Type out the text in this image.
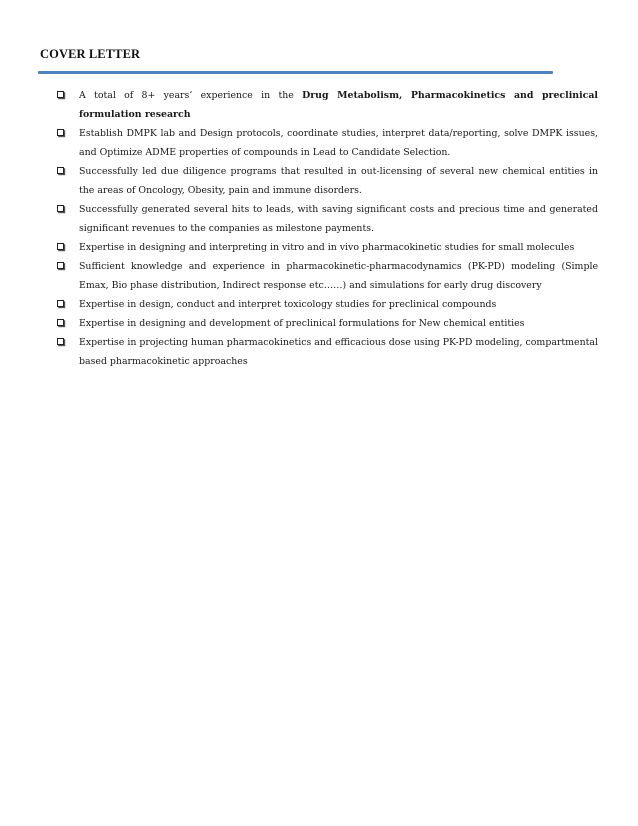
COVER LETTER
A total of 8+ years’ experience in the Drug Metabolism, Pharmacokinetics and preclinical formulation research
Establish DMPK lab and Design protocols, coordinate studies, interpret data/reporting, solve DMPK issues, and Optimize ADME properties of compounds in Lead to Candidate Selection.
Successfully led due diligence programs that resulted in out-licensing of several new chemical entities in the areas of Oncology, Obesity, pain and immune disorders.
Successfully generated several hits to leads, with saving significant costs and precious time and generated significant revenues to the companies as milestone payments.
Expertise in designing and interpreting in vitro and in vivo pharmacokinetic studies for small molecules
Sufficient knowledge and experience in pharmacokinetic-pharmacodynamics (PK-PD) modeling (Simple Emax, Bio phase distribution, Indirect response etc……) and simulations for early drug discovery
Expertise in design, conduct and interpret toxicology studies for preclinical compounds
Expertise in designing and development of preclinical formulations for New chemical entities
Expertise in projecting human pharmacokinetics and efficacious dose using PK-PD modeling, compartmental based pharmacokinetic approaches
